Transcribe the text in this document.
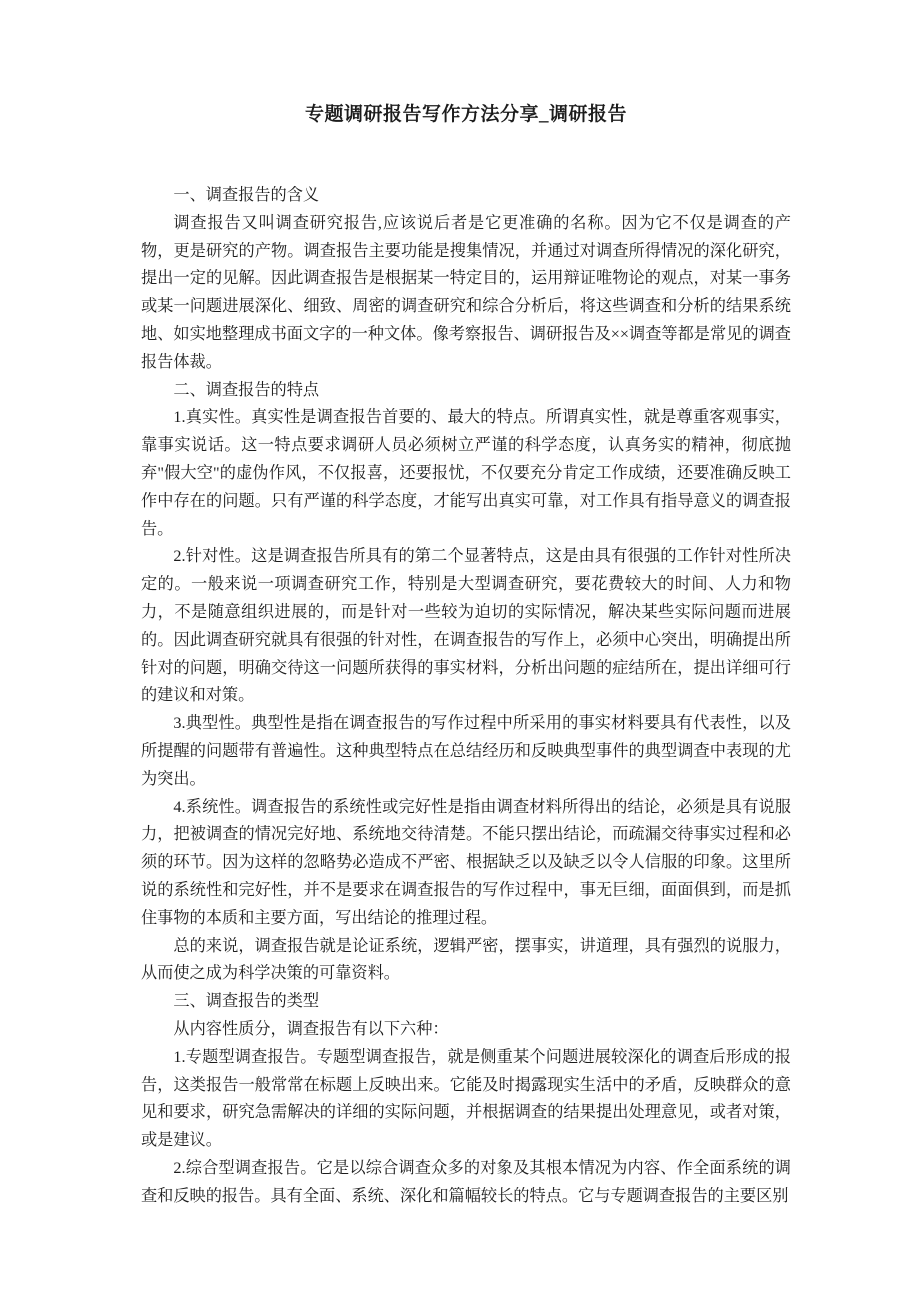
专题调研报告写作方法分享_调研报告

一、调查报告的含义

调查报告又叫调查研究报告,应该说后者是它更准确的名称。因为它不仅是调查的产物，更是研究的产物。调查报告主要功能是搜集情况，并通过对调查所得情况的深化研究，提出一定的见解。因此调查报告是根据某一特定目的，运用辩证唯物论的观点，对某一事务或某一问题进展深化、细致、周密的调查研究和综合分析后，将这些调查和分析的结果系统地、如实地整理成书面文字的一种文体。像考察报告、调研报告及××调查等都是常见的调查报告体裁。

二、调查报告的特点

1.真实性。真实性是调查报告首要的、最大的特点。所谓真实性，就是尊重客观事实，靠事实说话。这一特点要求调研人员必须树立严谨的科学态度，认真务实的精神，彻底抛弃"假大空"的虚伪作风，不仅报喜，还要报忧，不仅要充分肯定工作成绩，还要准确反映工作中存在的问题。只有严谨的科学态度，才能写出真实可靠，对工作具有指导意义的调查报告。

2.针对性。这是调查报告所具有的第二个显著特点，这是由具有很强的工作针对性所决定的。一般来说一项调查研究工作，特别是大型调查研究，要花费较大的时间、人力和物力，不是随意组织进展的，而是针对一些较为迫切的实际情况，解决某些实际问题而进展的。因此调查研究就具有很强的针对性，在调查报告的写作上，必须中心突出，明确提出所针对的问题，明确交待这一问题所获得的事实材料，分析出问题的症结所在，提出详细可行的建议和对策。

3.典型性。典型性是指在调查报告的写作过程中所采用的事实材料要具有代表性，以及所提醒的问题带有普遍性。这种典型特点在总结经历和反映典型事件的典型调查中表现的尤为突出。

4.系统性。调查报告的系统性或完好性是指由调查材料所得出的结论，必须是具有说服力，把被调查的情况完好地、系统地交待清楚。不能只摆出结论，而疏漏交待事实过程和必须的环节。因为这样的忽略势必造成不严密、根据缺乏以及缺乏以令人信服的印象。这里所说的系统性和完好性，并不是要求在调查报告的写作过程中，事无巨细，面面俱到，而是抓住事物的本质和主要方面，写出结论的推理过程。

总的来说，调查报告就是论证系统，逻辑严密，摆事实，讲道理，具有强烈的说服力，从而使之成为科学决策的可靠资料。

三、调查报告的类型

从内容性质分，调查报告有以下六种：

1.专题型调查报告。专题型调查报告，就是侧重某个问题进展较深化的调查后形成的报告，这类报告一般常常在标题上反映出来。它能及时揭露现实生活中的矛盾，反映群众的意见和要求，研究急需解决的详细的实际问题，并根据调查的结果提出处理意见，或者对策，或是建议。

2.综合型调查报告。它是以综合调查众多的对象及其根本情况为内容、作全面系统的调查和反映的报告。具有全面、系统、深化和篇幅较长的特点。它与专题调查报告的主要区别
